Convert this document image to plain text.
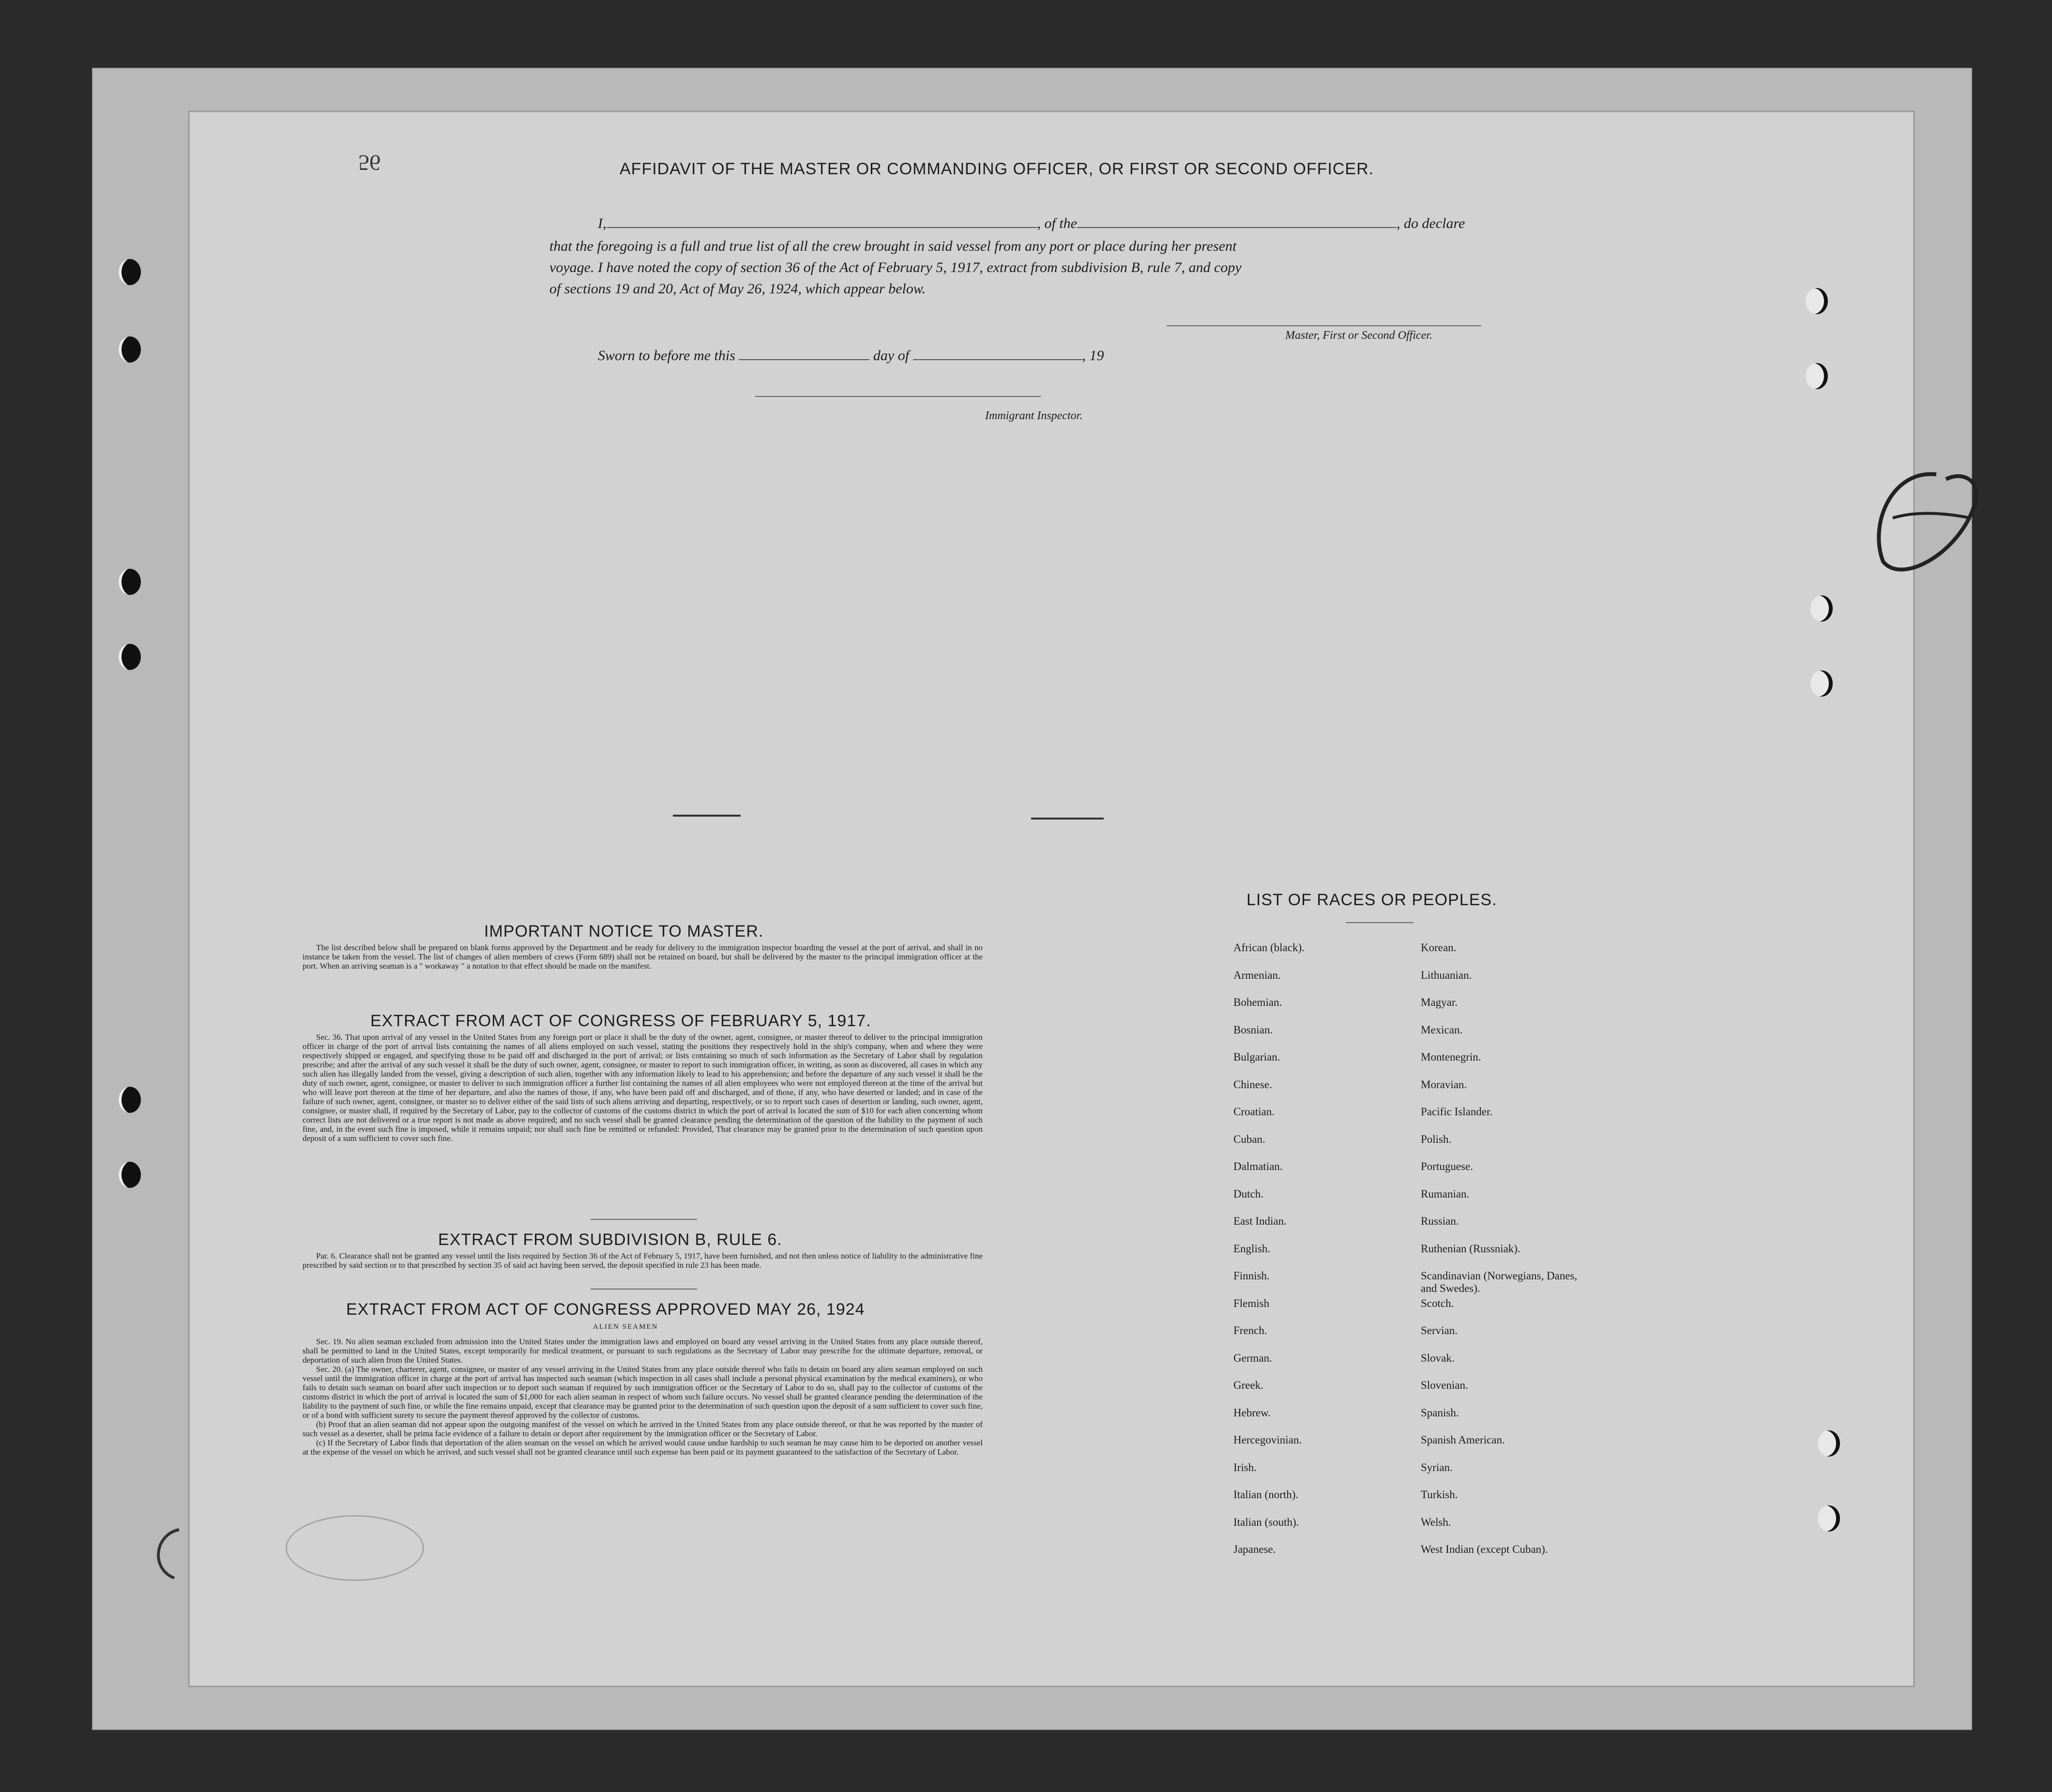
56	AFFIDAVIT OF THE MASTER OR COMMANDING OFFICER, OR FIRST OR SECOND OFFICER.
I,	, of the	, do declare
that the foregoing is a full and true list of all the crew brought in said vessel from any port or place during her present
voyage. I have noted the copy of section 36 of the Act of February 5, 1917, extract from subdivision B, rule 7, and copy
of sections 19 and 20, Act of May 26, 1924, which appear below.
Master, First or Second Officer.
Sworn to before me this	day of	, 19
Immigrant Inspector.
IMPORTANT NOTICE TO MASTER.

The list described below shall be prepared on blank forms approved by the Department and be ready for delivery to the immigration inspector boarding the vessel at the port of arrival, and shall in no instance be taken from the vessel. The list of changes of alien members of crews (Form 689) shall not be retained on board, but shall be delivered by the master to the principal immigration officer at the port. When an arriving seaman is a " workaway " a notation to that effect should be made on the manifest.

EXTRACT FROM ACT OF CONGRESS OF FEBRUARY 5, 1917.

Sec. 36. That upon arrival of any vessel in the United States from any foreign port or place it shall be the duty of the owner, agent, consignee, or master thereof to deliver to the principal immigration officer in charge of the port of arrival lists containing the names of all aliens employed on such vessel, stating the positions they respectively hold in the ship's company, when and where they were respectively shipped or engaged, and specifying those to be paid off and discharged in the port of arrival; or lists containing so much of such information as the Secretary of Labor shall by regulation prescribe; and after the arrival of any such vessel it shall be the duty of such owner, agent, consignee, or master to report to such immigration officer, in writing, as soon as discovered, all cases in which any such alien has illegally landed from the vessel, giving a description of such alien, together with any information likely to lead to his apprehension; and before the departure of any such vessel it shall be the duty of such owner, agent, consignee, or master to deliver to such immigration officer a further list containing the names of all alien employees who were not employed thereon at the time of the arrival but who will leave port thereon at the time of her departure, and also the names of those, if any, who have been paid off and discharged, and of those, if any, who have deserted or landed; and in case of the failure of such owner, agent, consignee, or master so to deliver either of the said lists of such aliens arriving and departing, respectively, or so to report such cases of desertion or landing, such owner, agent, consignee, or master shall, if required by the Secretary of Labor, pay to the collector of customs of the customs district in which the port of arrival is located the sum of $10 for each alien concerning whom correct lists are not delivered or a true report is not made as above required; and no such vessel shall be granted clearance pending the determination of the question of the liability to the payment of such fine, and, in the event such fine is imposed, while it remains unpaid; nor shall such fine be remitted or refunded: Provided, That clearance may be granted prior to the determination of such question upon deposit of a sum sufficient to cover such fine.

EXTRACT FROM SUBDIVISION B, RULE 6.

Par. 6. Clearance shall not be granted any vessel until the lists required by Section 36 of the Act of February 5, 1917, have been furnished, and not then unless notice of liability to the administrative fine prescribed by said section or to that prescribed by section 35 of said act having been served, the deposit specified in rule 23 has been made.

EXTRACT FROM ACT OF CONGRESS APPROVED MAY 26, 1924
ALIEN SEAMEN

Sec. 19. No alien seaman excluded from admission into the United States under the immigration laws and employed on board any vessel arriving in the United States from any place outside thereof, shall be permitted to land in the United States, except temporarily for medical treatment, or pursuant to such regulations as the Secretary of Labor may prescribe for the ultimate departure, removal, or deportation of such alien from the United States.

Sec. 20. (a) The owner, charterer, agent, consignee, or master of any vessel arriving in the United States from any place outside thereof who fails to detain on board any alien seaman employed on such vessel until the immigration officer in charge at the port of arrival has inspected such seaman (which inspection in all cases shall include a personal physical examination by the medical examiners), or who fails to detain such seaman on board after such inspection or to deport such seaman if required by such immigration officer or the Secretary of Labor to do so, shall pay to the collector of customs of the customs district in which the port of arrival is located the sum of $1,000 for each alien seaman in respect of whom such failure occurs. No vessel shall be granted clearance pending the determination of the liability to the payment of such fine, or while the fine remains unpaid, except that clearance may be granted prior to the determination of such question upon the deposit of a sum sufficient to cover such fine, or of a bond with sufficient surety to secure the payment thereof approved by the collector of customs.

(b) Proof that an alien seaman did not appear upon the outgoing manifest of the vessel on which he arrived in the United States from any place outside thereof, or that he was reported by the master of such vessel as a deserter, shall be prima facie evidence of a failure to detain or deport after requirement by the immigration officer or the Secretary of Labor.

(c) If the Secretary of Labor finds that deportation of the alien seaman on the vessel on which he arrived would cause undue hardship to such seaman he may cause him to be deported on another vessel at the expense of the vessel on which he arrived, and such vessel shall not be granted clearance until such expense has been paid or its payment guaranteed to the satisfaction of the Secretary of Labor.

LIST OF RACES OR PEOPLES.
African (black).
Armenian.
Bohemian.
Bosnian.
Bulgarian.
Chinese.
Croatian.
Cuban.
Dalmatian.
Dutch.
East Indian.
English.
Finnish.
Flemish
French.
German.
Greek.
Hebrew.
Hercegovinian.
Irish.
Italian (north).
Italian (south).
Japanese.
Korean.
Lithuanian.
Magyar.
Mexican.
Montenegrin.
Moravian.
Pacific Islander.
Polish.
Portuguese.
Rumanian.
Russian.
Ruthenian (Russniak).
Scandinavian (Norwegians, Danes, and Swedes).
Scotch.
Servian.
Slovak.
Slovenian.
Spanish.
Spanish American.
Syrian.
Turkish.
Welsh.
West Indian (except Cuban).
